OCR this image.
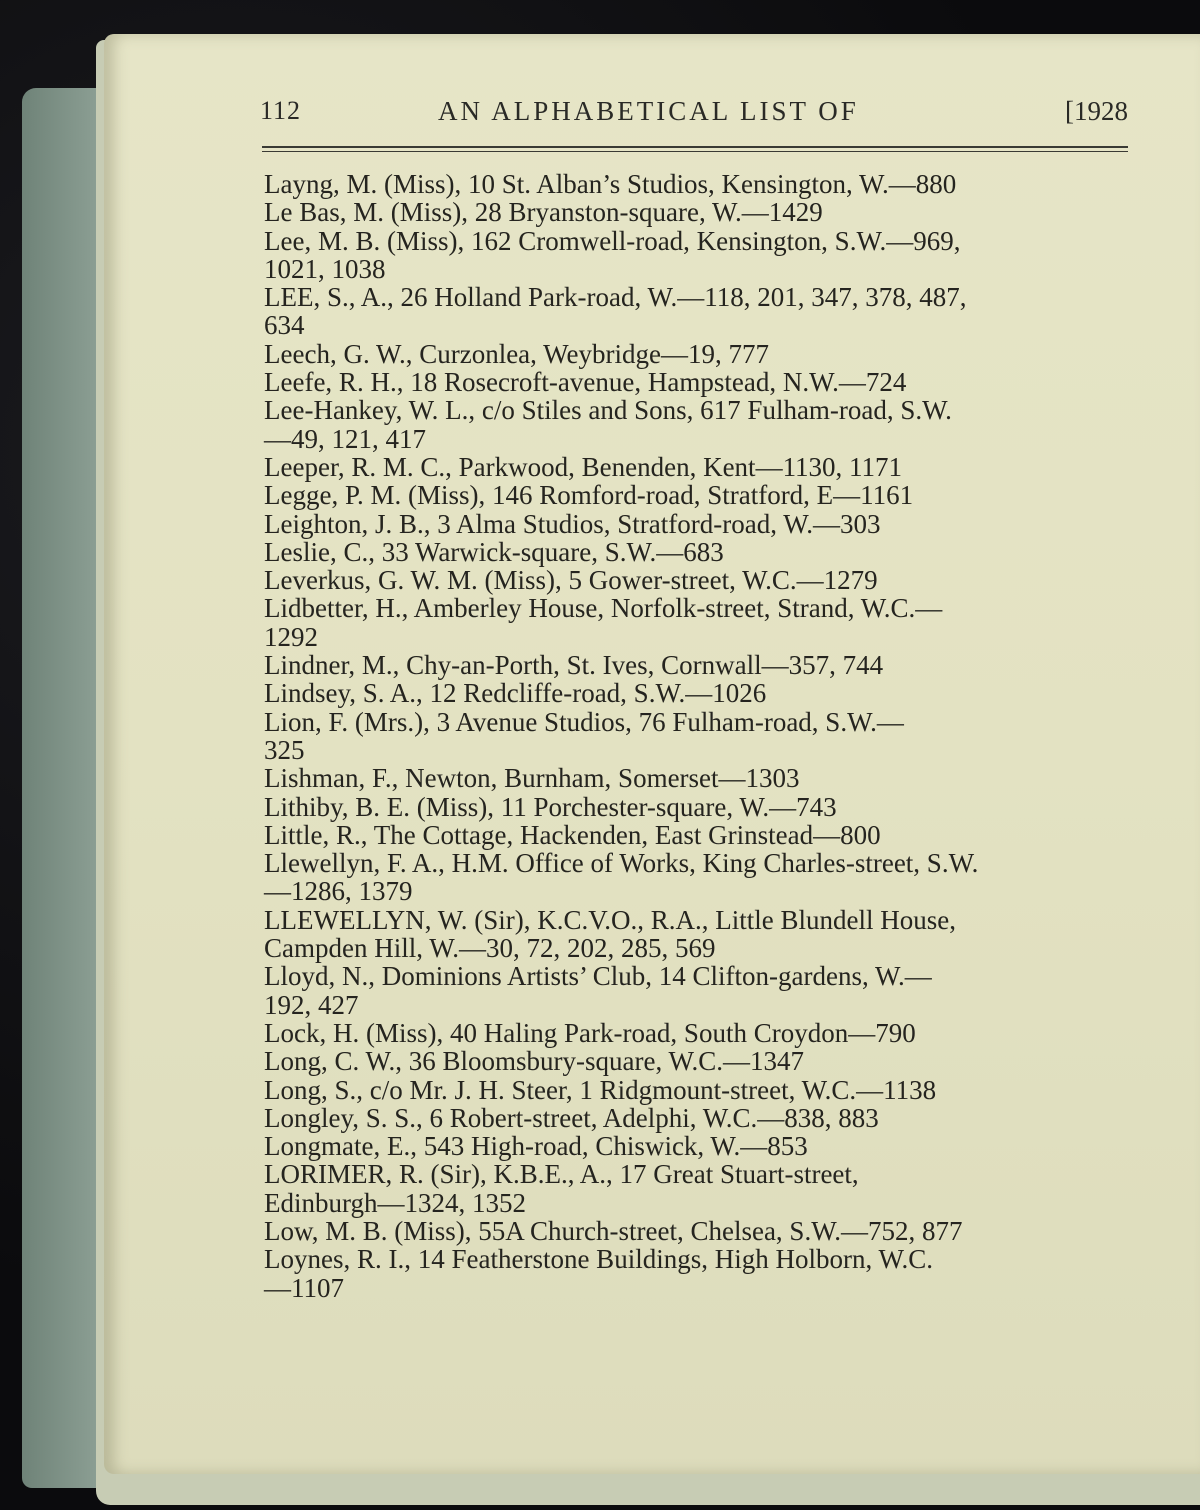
112	AN ALPHABETICAL LIST OF	[1928
Layng, M. (Miss), 10 St. Alban’s Studios, Kensington, W.—880
Le Bas, M. (Miss), 28 Bryanston-square, W.—1429
Lee, M. B. (Miss), 162 Cromwell-road, Kensington, S.W.—969,
1021, 1038
LEE, S., A., 26 Holland Park-road, W.—118, 201, 347, 378, 487,
634
Leech, G. W., Curzonlea, Weybridge—19, 777
Leefe, R. H., 18 Rosecroft-avenue, Hampstead, N.W.—724
Lee-Hankey, W. L., c/o Stiles and Sons, 617 Fulham-road, S.W.
—49, 121, 417
Leeper, R. M. C., Parkwood, Benenden, Kent—1130, 1171
Legge, P. M. (Miss), 146 Romford-road, Stratford, E—1161
Leighton, J. B., 3 Alma Studios, Stratford-road, W.—303
Leslie, C., 33 Warwick-square, S.W.—683
Leverkus, G. W. M. (Miss), 5 Gower-street, W.C.—1279
Lidbetter, H., Amberley House, Norfolk-street, Strand, W.C.—
1292
Lindner, M., Chy-an-Porth, St. Ives, Cornwall—357, 744
Lindsey, S. A., 12 Redcliffe-road, S.W.—1026
Lion, F. (Mrs.), 3 Avenue Studios, 76 Fulham-road, S.W.—
325
Lishman, F., Newton, Burnham, Somerset—1303
Lithiby, B. E. (Miss), 11 Porchester-square, W.—743
Little, R., The Cottage, Hackenden, East Grinstead—800
Llewellyn, F. A., H.M. Office of Works, King Charles-street, S.W.
—1286, 1379
LLEWELLYN, W. (Sir), K.C.V.O., R.A., Little Blundell House,
Campden Hill, W.—30, 72, 202, 285, 569
Lloyd, N., Dominions Artists’ Club, 14 Clifton-gardens, W.—
192, 427
Lock, H. (Miss), 40 Haling Park-road, South Croydon—790
Long, C. W., 36 Bloomsbury-square, W.C.—1347
Long, S., c/o Mr. J. H. Steer, 1 Ridgmount-street, W.C.—1138
Longley, S. S., 6 Robert-street, Adelphi, W.C.—838, 883
Longmate, E., 543 High-road, Chiswick, W.—853
LORIMER, R. (Sir), K.B.E., A., 17 Great Stuart-street,
Edinburgh—1324, 1352
Low, M. B. (Miss), 55A Church-street, Chelsea, S.W.—752, 877
Loynes, R. I., 14 Featherstone Buildings, High Holborn, W.C.
—1107
